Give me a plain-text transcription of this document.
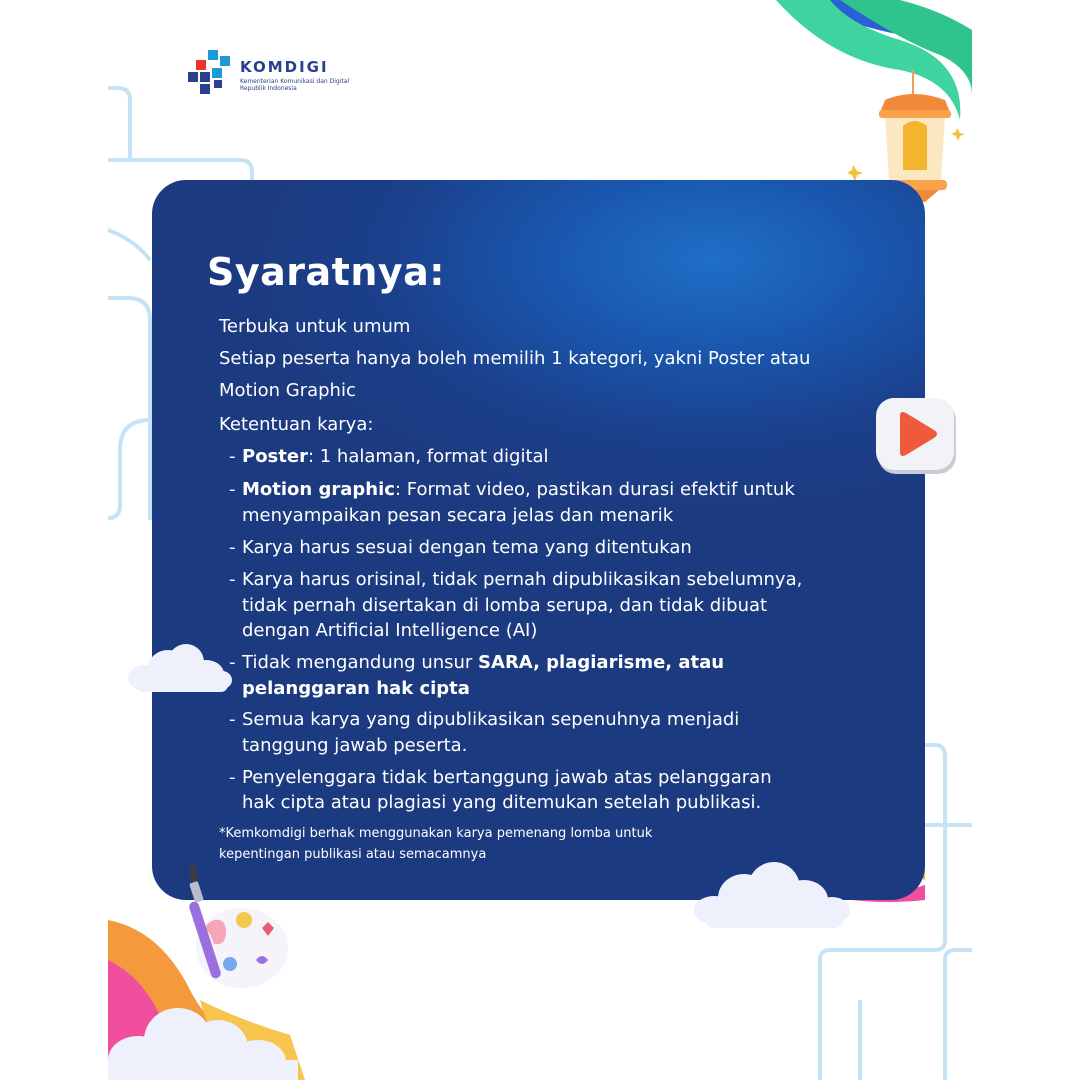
KOMDIGI
Kementerian Komunikasi dan Digital
Republik Indonesia
Syaratnya:
Terbuka untuk umum
Setiap peserta hanya boleh memilih 1 kategori, yakni Poster atau
Motion Graphic
Ketentuan karya:
- Poster: 1 halaman, format digital
- Motion graphic: Format video, pastikan durasi efektif untuk
menyampaikan pesan secara jelas dan menarik
- Karya harus sesuai dengan tema yang ditentukan
- Karya harus orisinal, tidak pernah dipublikasikan sebelumnya,
tidak pernah disertakan di lomba serupa, dan tidak dibuat
dengan Artificial Intelligence (AI)
- Tidak mengandung unsur SARA, plagiarisme, atau
pelanggaran hak cipta
- Semua karya yang dipublikasikan sepenuhnya menjadi
tanggung jawab peserta.
- Penyelenggara tidak bertanggung jawab atas pelanggaran
hak cipta atau plagiasi yang ditemukan setelah publikasi.
*Kemkomdigi berhak menggunakan karya pemenang lomba untuk
kepentingan publikasi atau semacamnya
